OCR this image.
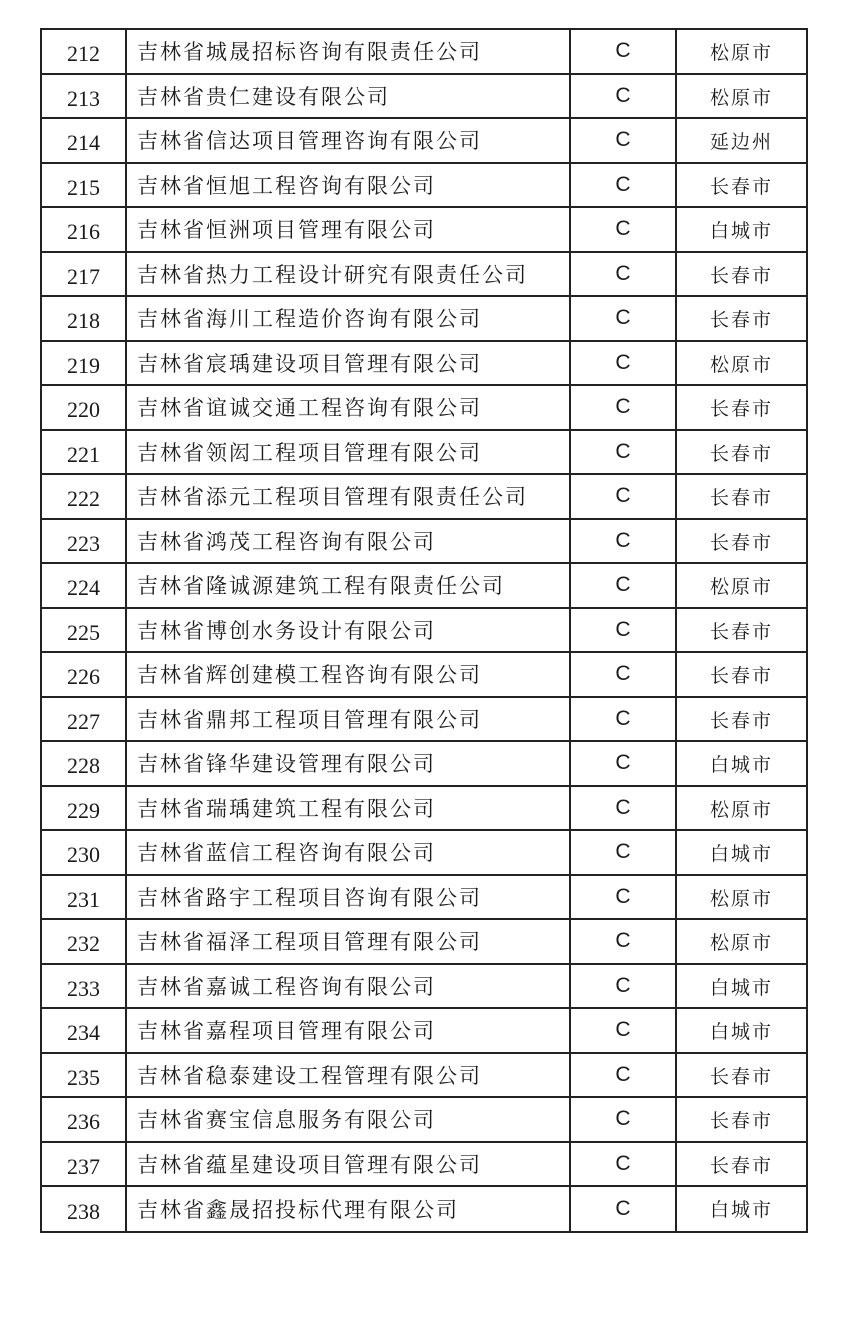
212	吉林省城晟招标咨询有限责任公司	C	松原市
213	吉林省贵仁建设有限公司	C	松原市
214	吉林省信达项目管理咨询有限公司	C	延边州
215	吉林省恒旭工程咨询有限公司	C	长春市
216	吉林省恒洲项目管理有限公司	C	白城市
217	吉林省热力工程设计研究有限责任公司	C	长春市
218	吉林省海川工程造价咨询有限公司	C	长春市
219	吉林省宸瑀建设项目管理有限公司	C	松原市
220	吉林省谊诚交通工程咨询有限公司	C	长春市
221	吉林省领闳工程项目管理有限公司	C	长春市
222	吉林省添元工程项目管理有限责任公司	C	长春市
223	吉林省鸿茂工程咨询有限公司	C	长春市
224	吉林省隆诚源建筑工程有限责任公司	C	松原市
225	吉林省博创水务设计有限公司	C	长春市
226	吉林省辉创建模工程咨询有限公司	C	长春市
227	吉林省鼎邦工程项目管理有限公司	C	长春市
228	吉林省锋华建设管理有限公司	C	白城市
229	吉林省瑞瑀建筑工程有限公司	C	松原市
230	吉林省蓝信工程咨询有限公司	C	白城市
231	吉林省路宇工程项目咨询有限公司	C	松原市
232	吉林省福泽工程项目管理有限公司	C	松原市
233	吉林省嘉诚工程咨询有限公司	C	白城市
234	吉林省嘉程项目管理有限公司	C	白城市
235	吉林省稳泰建设工程管理有限公司	C	长春市
236	吉林省赛宝信息服务有限公司	C	长春市
237	吉林省蕴星建设项目管理有限公司	C	长春市
238	吉林省鑫晟招投标代理有限公司	C	白城市
